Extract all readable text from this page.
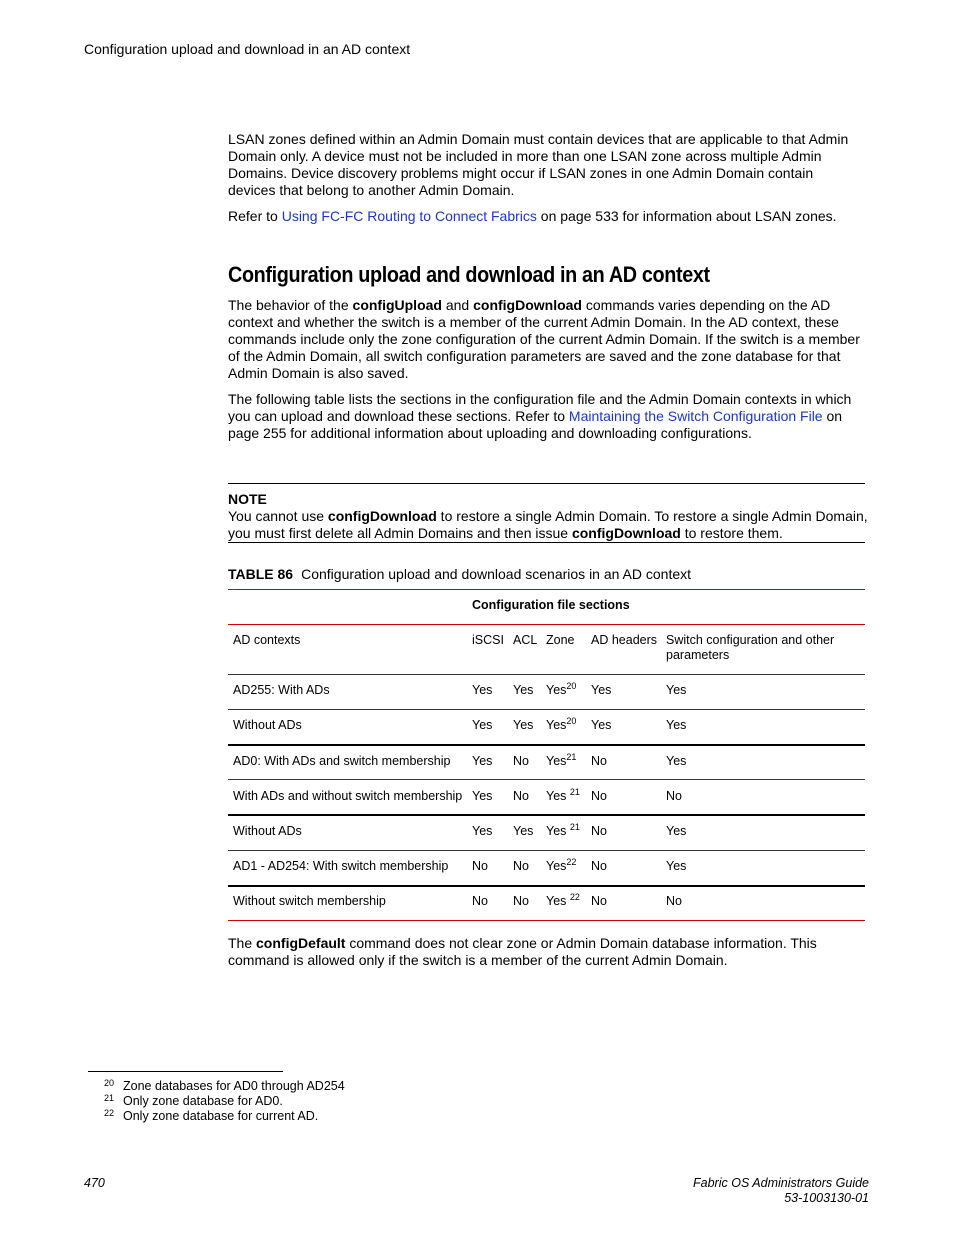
Configuration upload and download in an AD context

LSAN zones defined within an Admin Domain must contain devices that are applicable to that Admin Domain only. A device must not be included in more than one LSAN zone across multiple Admin Domains. Device discovery problems might occur if LSAN zones in one Admin Domain contain devices that belong to another Admin Domain.

Refer to Using FC-FC Routing to Connect Fabrics on page 533 for information about LSAN zones.

Configuration upload and download in an AD context

The behavior of the configUpload and configDownload commands varies depending on the AD context and whether the switch is a member of the current Admin Domain. In the AD context, these commands include only the zone configuration of the current Admin Domain. If the switch is a member of the Admin Domain, all switch configuration parameters are saved and the zone database for that Admin Domain is also saved.

The following table lists the sections in the configuration file and the Admin Domain contexts in which you can upload and download these sections. Refer to Maintaining the Switch Configuration File on page 255 for additional information about uploading and downloading configurations.

NOTE

You cannot use configDownload to restore a single Admin Domain. To restore a single Admin Domain, you must first delete all Admin Domains and then issue configDownload to restore them.

TABLE 86 Configuration upload and download scenarios in an AD context
Configuration file sections
AD contexts	iSCSI ACL Zone AD headers Switch configuration and other parameters
AD255: With ADs	Yes Yes Yes$^{20}$ Yes	Yes
Without ADs	Yes Yes Yes$^{20}$ Yes	Yes
AD0: With ADs and switch membership Yes No Yes$^{21}$ No	Yes
With ADs and without switch membership Yes No Yes $^{21}$ No	No
Without ADs	Yes Yes Yes $^{21}$ No	Yes
AD1 - AD254: With switch membership No No Yes$^{22}$ No	Yes
Without switch membership	No No Yes $^{22}$ No	No

The configDefault command does not clear zone or Admin Domain database information. This command is allowed only if the switch is a member of the current Admin Domain.

20 Zone databases for AD0 through AD254
21 Only zone database for AD0.
22 Only zone database for current AD.
470	Fabric OS Administrators Guide
53-1003130-01
